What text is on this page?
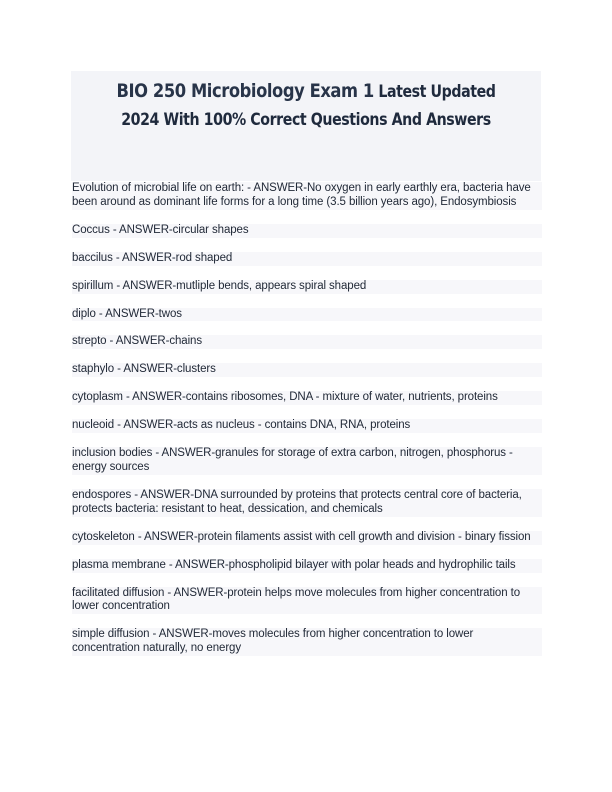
BIO 250 Microbiology Exam 1 Latest Updated 2024 With 100% Correct Questions And Answers

Evolution of microbial life on earth: - ANSWER-No oxygen in early earthly era, bacteria have been around as dominant life forms for a long time (3.5 billion years ago), Endosymbiosis

Coccus - ANSWER-circular shapes

baccilus - ANSWER-rod shaped

spirillum - ANSWER-mutliple bends, appears spiral shaped

diplo - ANSWER-twos

strepto - ANSWER-chains

staphylo - ANSWER-clusters

cytoplasm - ANSWER-contains ribosomes, DNA - mixture of water, nutrients, proteins

nucleoid - ANSWER-acts as nucleus - contains DNA, RNA, proteins

inclusion bodies - ANSWER-granules for storage of extra carbon, nitrogen, phosphorus - energy sources

endospores - ANSWER-DNA surrounded by proteins that protects central core of bacteria, protects bacteria: resistant to heat, dessication, and chemicals

cytoskeleton - ANSWER-protein filaments assist with cell growth and division - binary fission

plasma membrane - ANSWER-phospholipid bilayer with polar heads and hydrophilic tails

facilitated diffusion - ANSWER-protein helps move molecules from higher concentration to lower concentration

simple diffusion - ANSWER-moves molecules from higher concentration to lower concentration naturally, no energy
